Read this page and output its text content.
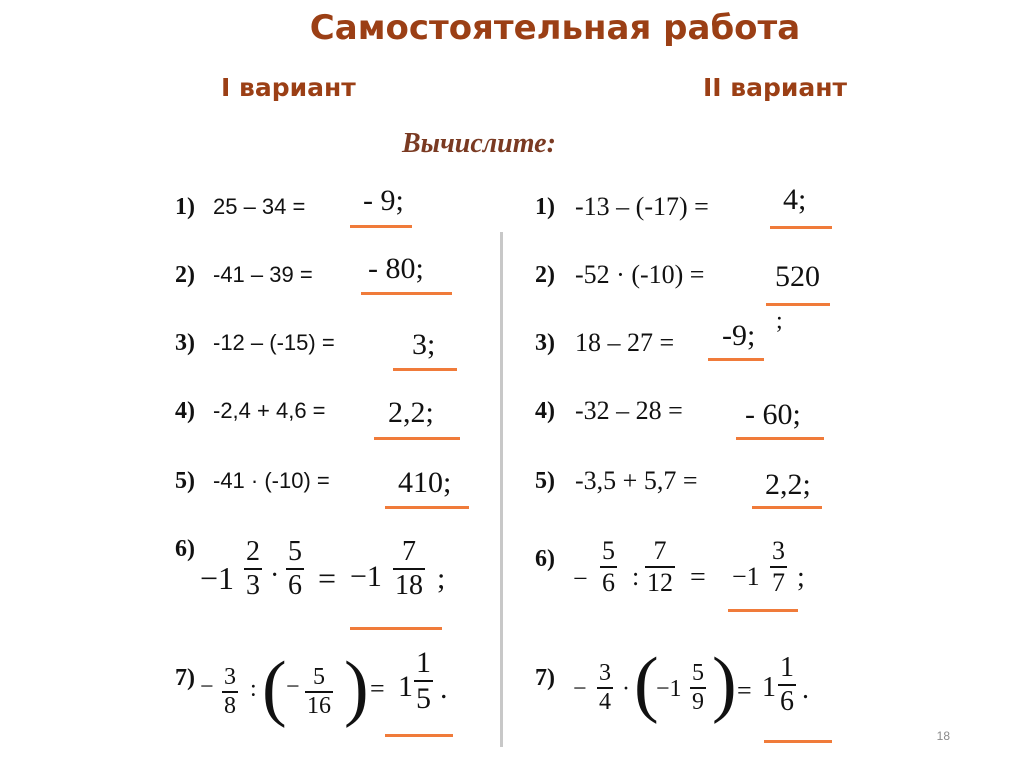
Самостоятельная работа
I вариант	II вариант
Вычислите:
1) 25 – 34 = - 9;
2) -41 – 39 = - 80;
3) -12 – (-15) =	3;
4) -2,4 + 4,6 = 2,2;
5) -41 · (-10) = 410;
6)
$-1 \frac{2}{3} \cdot \frac{5}{6} = -1 \frac{7}{18}$ ;
$7) - \frac{3}{8}$ : ( − $\frac{5}{16}$ ) = $1 \frac{1}{5}$ .
1) -13 – (-17) = 4;
2) -52 · (-10) = 520
;
3) 18 – 27 = -9;
4) -32 – 28 = - 60;
5) -3,5 + 5,7 = 2,2;
6)
− $\frac{5}{6}$ : $\frac{7}{12} = -1 \frac{3}{7}$ ;
$7) - \frac{3}{4}$ · (
$-1 \frac{5}{9}$ ) = $1 \frac{1}{6}$ .
18
